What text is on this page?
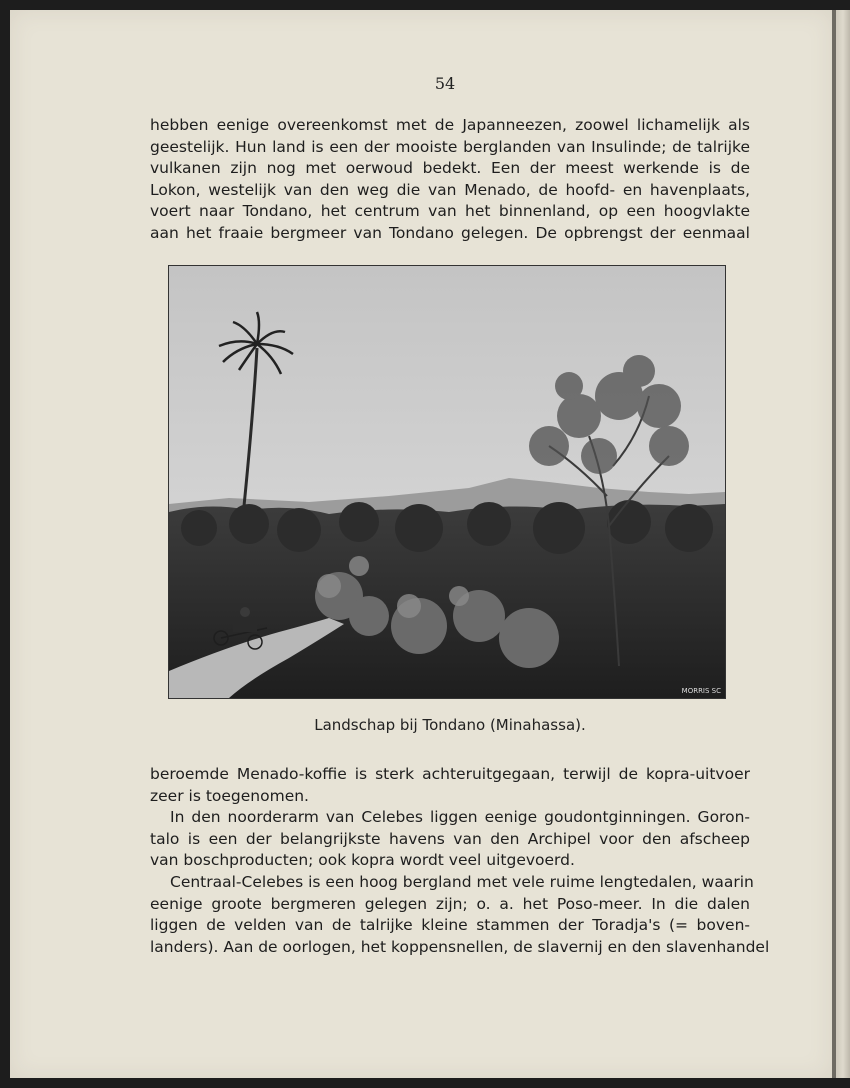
54
hebben eenige overeenkomst met de Japanneezen, zoowel lichamelijk als
geestelijk. Hun land is een der mooiste berglanden van Insulinde; de talrijke
vulkanen zijn nog met oerwoud bedekt. Een der meest werkende is de
Lokon, westelijk van den weg die van Menado, de hoofd- en havenplaats,
voert naar Tondano, het centrum van het binnenland, op een hoogvlakte
aan het fraaie bergmeer van Tondano gelegen. De opbrengst der eenmaal
MORRIS SC
Landschap bij Tondano (Minahassa).
beroemde Menado-koffie is sterk achteruitgegaan, terwijl de kopra-uitvoer
zeer is toegenomen.
In den noorderarm van Celebes liggen eenige goudontginningen. Goron-
talo is een der belangrijkste havens van den Archipel voor den afscheep
van boschproducten; ook kopra wordt veel uitgevoerd.
Centraal-Celebes is een hoog bergland met vele ruime lengtedalen, waarin
eenige groote bergmeren gelegen zijn; o. a. het Poso-meer. In die dalen
liggen de velden van de talrijke kleine stammen der Toradja's (= boven-
landers). Aan de oorlogen, het koppensnellen, de slavernij en den slavenhandel
